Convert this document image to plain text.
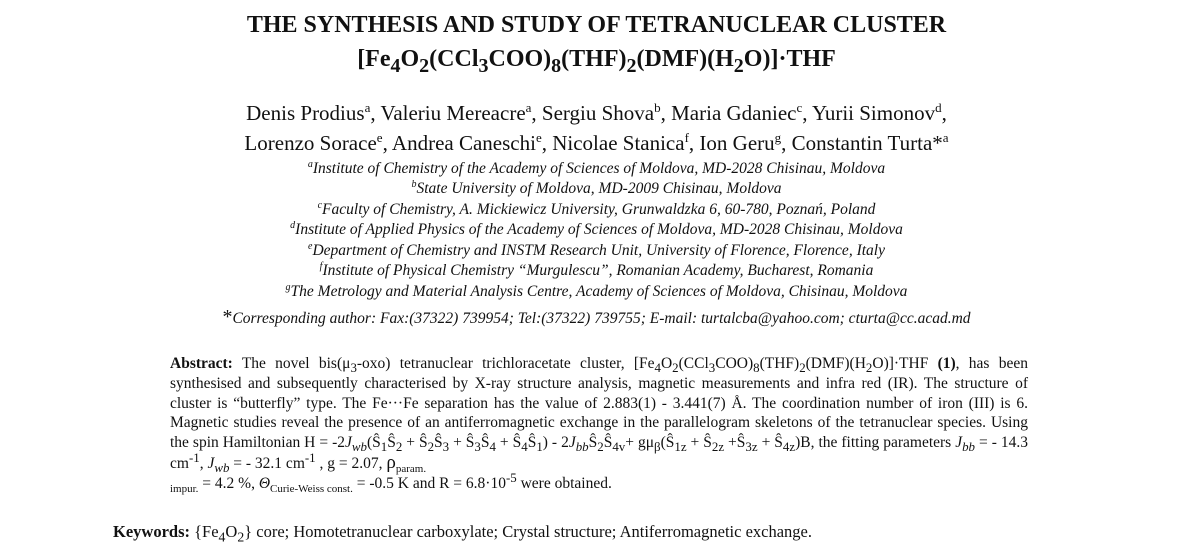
THE SYNTHESIS AND STUDY OF TETRANUCLEAR CLUSTER
$[Fe_4O_2(CCl_3COO)_8(THF)_2(DMF)(H_2O)]\cdot THF$
Denis Prodius$^a$, Valeriu Mereacre$^a$, Sergiu Shova$^b$, Maria Gdaniec$^c$, Yurii Simonov$^d$,
Lorenzo Sorace$^e$, Andrea Caneschi$^e$, Nicolae Stanica$^f$, Ion Geru$^g$, Constantin Turta*$^a$
$^a$Institute of Chemistry of the Academy of Sciences of Moldova, MD-2028 Chisinau, Moldova
$^b$State University of Moldova, MD-2009 Chisinau, Moldova
$^c$Faculty of Chemistry, A. Mickiewicz University, Grunwaldzka 6, 60-780, Poznań, Poland
$^d$Institute of Applied Physics of the Academy of Sciences of Moldova, MD-2028 Chisinau, Moldova
$^e$Department of Chemistry and INSTM Research Unit, University of Florence, Florence, Italy
$^f$Institute of Physical Chemistry “Murgulescu”, Romanian Academy, Bucharest, Romania
$^g$The Metrology and Material Analysis Centre, Academy of Sciences of Moldova, Chisinau, Moldova
*Corresponding author: Fax:(37322) 739954; Tel:(37322) 739755; E-mail: turtalcba@yahoo.com; cturta@cc.acad.md
Abstract: The novel $bis(\mu_3-oxo)$ tetranuclear trichloracetate cluster, $[Fe_4O_2(CCl_3COO)_8(THF)_2(DMF)(H_2O)]\cdot THF$ (1), has been synthesised and subsequently characterised by X-ray structure analysis, magnetic measurements and infra red (IR). The structure of cluster is “butterfly” type. The Fe···Fe separation has the value of 2.883(1) - 3.441(7) Å. The coordination number of iron (III) is 6. Magnetic studies reveal the presence of an antiferromagnetic exchange in the parallelogram skeletons of the tetranuclear species. Using the spin Hamiltonian $H = -2J_{wb}(Ŝ_1Ŝ_2$ + $Ŝ_2Ŝ_3$ + $Ŝ_3Ŝ_4$ + $Ŝ_4Ŝ_1$) - $2J_{bb}Ŝ_2Ŝ_{4v}+$ $g\mu_\beta(Ŝ_{1z}$ + $Ŝ_{2z}$ $+Ŝ_{3z}$ + $Ŝ_{4z})B$, the fitting parameters $J_{bb}$ = - 14.3 $cm^{-1}$, $J_{wb}$ = - 32.1 $cm^{-1}$ , g = 2.07, $\rho_{param.}$
$_{impur.}$ = 4.2 %, $\Theta_{Curie-Weiss const.} = -0.5$ K and $R = 6.8\cdot 10^{-5}$ were obtained.
Keywords: $\{Fe_4O_2\}$ core; Homotetranuclear carboxylate; Crystal structure; Antiferromagnetic exchange.
